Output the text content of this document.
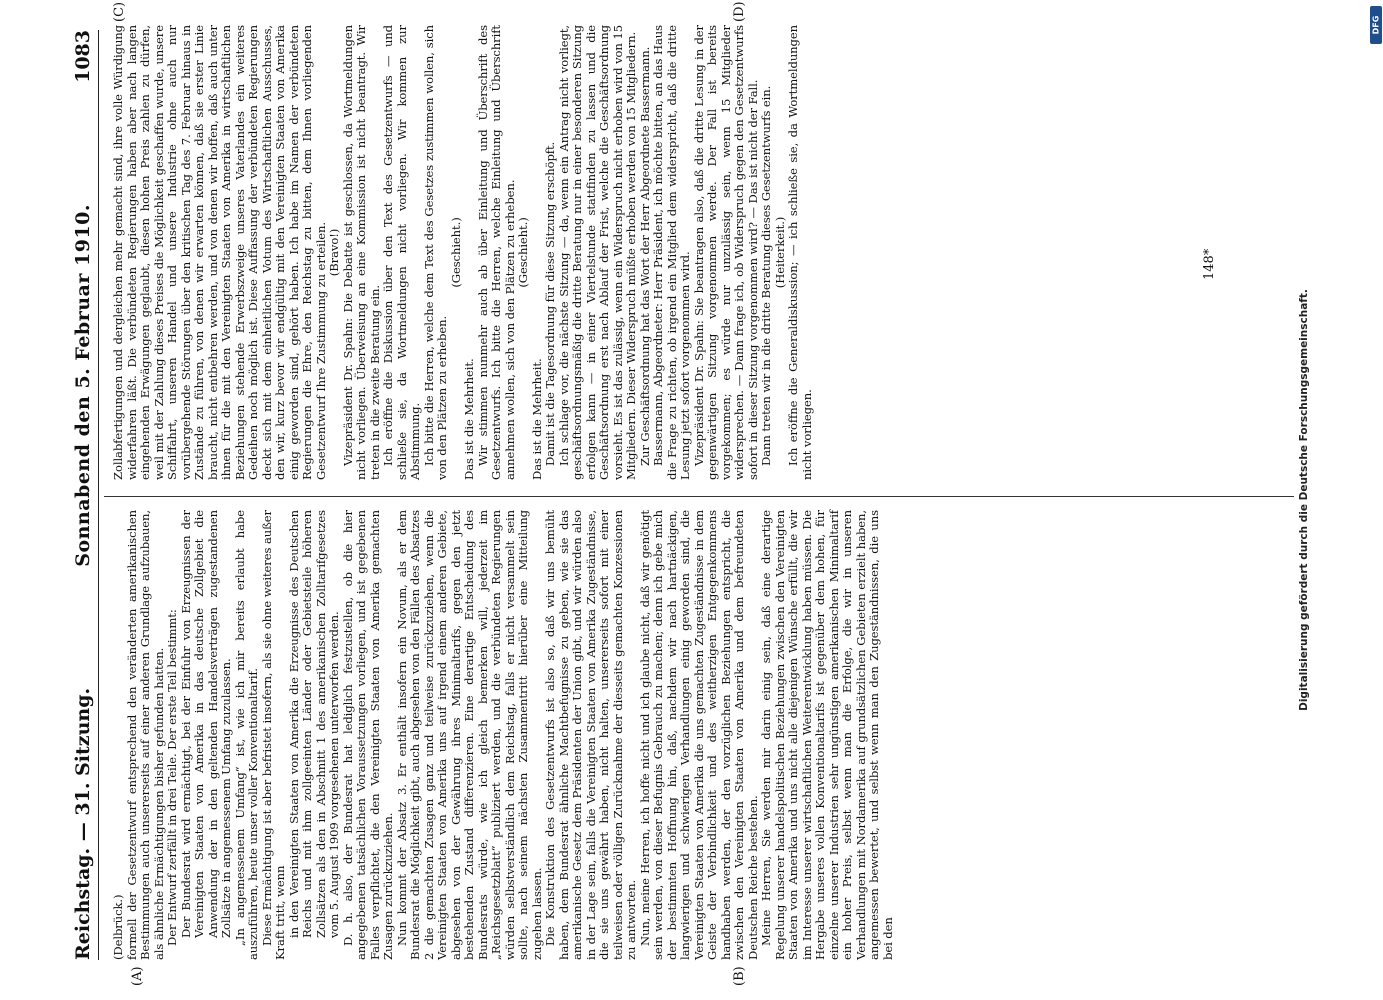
Reichstag. — 31. Sitzung.
Sonnabend den 5. Februar 1910.
1083
(A)	(B)
(C)	(D)

(Delbrück.) formell der Gesetzentwurf entsprechend den veränderten amerikanischen Bestimmungen auch unsererseits auf einer anderen Grundlage aufzubauen, als ähnliche Ermächtigungen bisher gefunden hatten. Der Entwurf zerfällt in drei Teile. Der erste Teil bestimmt: Der Bundesrat wird ermächtigt, bei der Einfuhr von Erzeugnissen der Vereinigten Staaten von Amerika in das deutsche Zollgebiet die Anwendung der in den geltenden Handelsverträgen zugestandenen Zollsätze in angemessenem Umfang zuzulassen. „In angemessenem Umfang“ ist, wie ich mir bereits erlaubt habe auszuführen, heute unser voller Konventionaltarif. Diese Ermächtigung ist aber befristet insofern, als sie ohne weiteres außer Kraft tritt, wenn in den Vereinigten Staaten von Amerika die Erzeugnisse des Deutschen Reichs und mit ihm zollgeeinten Länder oder Gebietsteile höheren Zollsätzen als den in Abschnitt 1 des amerikanischen Zolltarifgesetzes vom 5. August 1909 vorgesehenen unterworfen werden. D. h. also, der Bundesrat hat lediglich festzustellen, ob die hier angegebenen tatsächlichen Voraussetzungen vorliegen, und ist gegebenen Falles verpflichtet, die den Vereinigten Staaten von Amerika gemachten Zusagen zurückzuziehen. Nun kommt der Absatz 3. Er enthält insofern ein Novum, als er dem Bundesrat die Möglichkeit gibt, auch abgesehen von den Fällen des Absatzes 2 die gemachten Zusagen ganz und teilweise zurückzuziehen, wenn die Vereinigten Staaten von Amerika uns auf irgend einem anderen Gebiete, abgesehen von der Gewährung ihres Minimaltarifs, gegen den jetzt bestehenden Zustand differenzieren. Eine derartige Entscheidung des Bundesrats würde, wie ich gleich bemerken will, jederzeit im „Reichsgesetzblatt“ publiziert werden, und die verbündeten Regierungen würden selbstverständlich dem Reichstag, falls er nicht versammelt sein sollte, nach seinem nächsten Zusammentritt hierüber eine Mitteilung zugehen lassen. Die Konstruktion des Gesetzentwurfs ist also so, daß wir uns bemüht haben, dem Bundesrat ähnliche Machtbefugnisse zu geben, wie sie das amerikanische Gesetz dem Präsidenten der Union gibt, und wir würden also in der Lage sein, falls die Vereinigten Staaten von Amerika Zugeständnisse, die sie uns gewährt haben, nicht halten, unsererseits sofort mit einer teilweisen oder völligen Zurücknahme der diesseits gemachten Konzessionen zu antworten. Nun, meine Herren, ich hoffe nicht und ich glaube nicht, daß wir genötigt sein werden, von dieser Befugnis Gebrauch zu machen; denn ich gebe mich der bestimmten Hoffnung hin, daß, nachdem wir nach hartnäckigen, langwierigen und schwierigen Verhandlungen einig geworden sind, die Vereinigten Staaten von Amerika die uns gemachten Zugeständnisse in dem Geiste der Verbindlichkeit und des weitherzigen Entgegenkommens handhaben werden, der den vorzüglichen Beziehungen entspricht, die zwischen den Vereinigten Staaten von Amerika und dem befreundeten Deutschen Reiche bestehen. Meine Herren, Sie werden mir darin einig sein, daß eine derartige Regelung unserer handelspolitischen Beziehungen zwischen den Vereinigten Staaten von Amerika und uns nicht alle diejenigen Wünsche erfüllt, die wir im Interesse unserer wirtschaftlichen Weiterentwicklung haben müssen. Die Hergabe unseres vollen Konventionaltarifs ist gegenüber dem hohen, für einzelne unserer Industrien sehr ungünstigen amerikanischen Minimaltarif ein hoher Preis, selbst wenn man die Erfolge, die wir in unseren Verhandlungen mit Nordamerika auf grundsätzlichen Gebieten erzielt haben, angemessen bewertet, und selbst wenn man den Zugeständnissen, die uns bei den

Zollabfertigungen und dergleichen mehr gemacht sind, ihre volle Würdigung widerfahren läßt. Die verbündeten Regierungen haben aber nach langen eingehenden Erwägungen geglaubt, diesen hohen Preis zahlen zu dürfen, weil mit der Zahlung dieses Preises die Möglichkeit geschaffen wurde, unsere Schiffahrt, unseren Handel und unsere Industrie ohne auch nur vorübergehende Störungen über den kritischen Tag des 7. Februar hinaus in Zustände zu führen, von denen wir erwarten können, daß sie erster Linie braucht, nicht entbehren werden, und von denen wir hoffen, daß auch unter ihnen für die mit den Vereinigten Staaten von Amerika in wirtschaftlichen Beziehungen stehende Erwerbszweige unseres Vaterlandes ein weiteres Gedeihen noch möglich ist. Diese Auffassung der verbündeten Regierungen deckt sich mit dem einheitlichen Votum des Wirtschaftlichen Ausschusses, den wir, kurz bevor wir endgültig mit den Vereinigten Staaten von Amerika einig geworden sind, gehört haben. Ich habe im Namen der verbündeten Regierungen die Ehre, den Reichstag zu bitten, dem Ihnen vorliegenden Gesetzentwurf Ihre Zustimmung zu erteilen. (Bravo!) Vizepräsident Dr. Spahn: Die Debatte ist geschlossen, da Wortmeldungen nicht vorliegen. Überweisung an eine Kommission ist nicht beantragt. Wir treten in die zweite Beratung ein. Ich eröffne die Diskussion über den Text des Gesetzentwurfs — und schließe sie, da Wortmeldungen nicht vorliegen. Wir kommen zur Abstimmung. Ich bitte die Herren, welche dem Text des Gesetzes zustimmen wollen, sich von den Plätzen zu erheben.

(Geschieht.)

Das ist die Mehrheit. Wir stimmen nunmehr auch ab über Einleitung und Überschrift des Gesetzentwurfs. Ich bitte die Herren, welche Einleitung und Überschrift annehmen wollen, sich von den Plätzen zu erheben. (Geschieht.)

Das ist die Mehrheit. Damit ist die Tagesordnung für diese Sitzung erschöpft. Ich schlage vor, die nächste Sitzung — da, wenn ein Antrag nicht vorliegt, geschäftsordnungsmäßig die dritte Beratung nur in einer besonderen Sitzung erfolgen kann — in einer Viertelstunde stattfinden zu lassen und die Geschäftsordnung erst nach Ablauf der Frist, welche die Geschäftsordnung vorsieht. Es ist das zulässig, wenn ein Widerspruch nicht erhoben wird von 15 Mitgliedern. Dieser Widerspruch müßte erhoben werden von 15 Mitgliedern. Zur Geschäftsordnung hat das Wort der Herr Abgeordnete Bassermann. Bassermann, Abgeordneter: Herr Präsident, ich möchte bitten, an das Haus die Frage zu richten, ob irgend ein Mitglied dem widerspricht, daß die dritte Lesung jetzt sofort vorgenommen wird. Vizepräsident Dr. Spahn: Sie beantragen also, daß die dritte Lesung in der gegenwärtigen Sitzung vorgenommen werde. Der Fall ist bereits vorgekommen; es würde nur unzulässig sein, wenn 15 Mitglieder widersprechen. — Dann frage ich, ob Widerspruch gegen den Gesetzentwurfs sofort in dieser Sitzung vorgenommen wird? — Das ist nicht der Fall. Dann treten wir in die dritte Beratung dieses Gesetzentwurfs ein. (Heiterkeit.) Ich eröffne die Generaldiskussion; — ich schließe sie, da Wortmeldungen nicht vorliegen.

148*
Digitalisierung gefördert durch die Deutsche Forschungsgemeinschaft.
DFG
